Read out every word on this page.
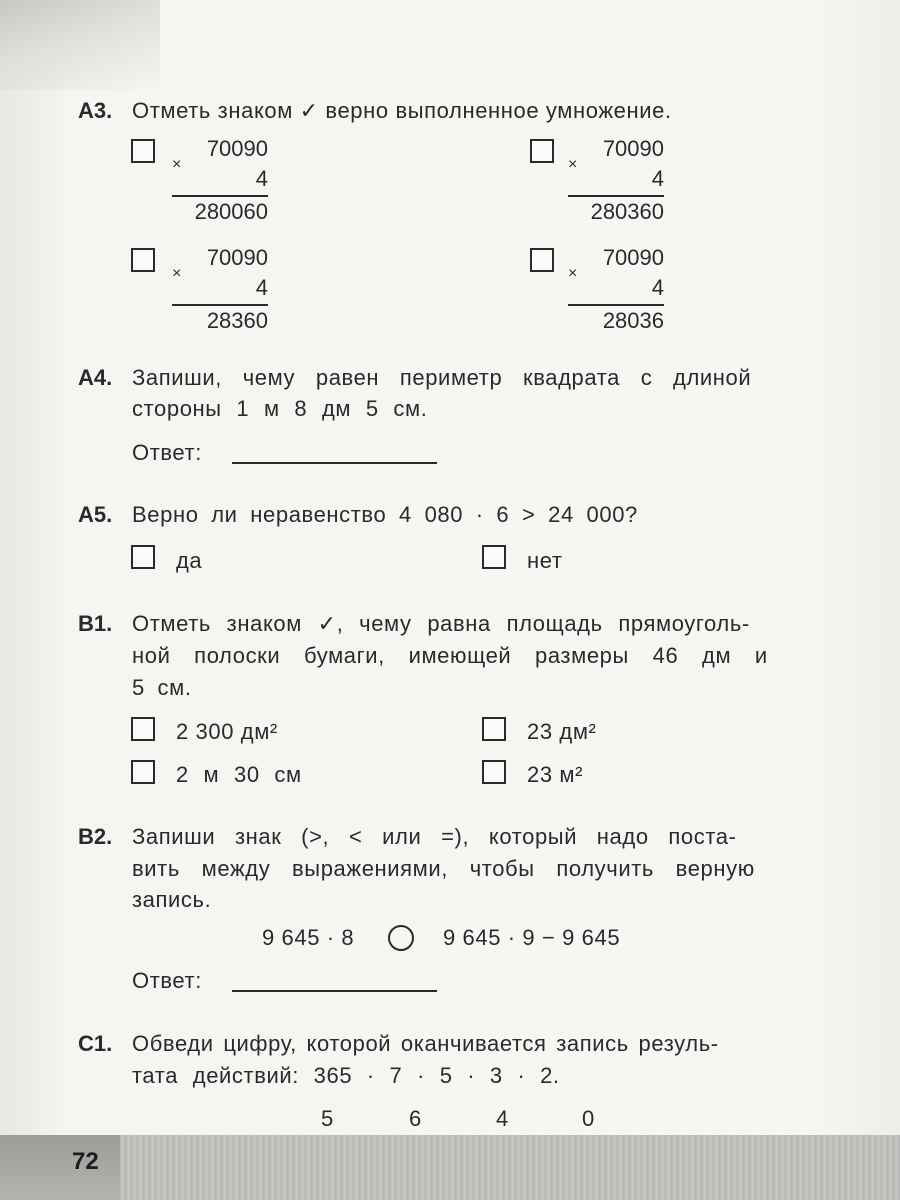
A3. Отметь знаком ✓ верно выполненное умножение.
×
70090
4
280060
×
70090
4
280360
×
70090
4
28360
×
70090
4
28036
A4. Запиши, чему равен периметр квадрата с длиной
стороны 1 м 8 дм 5 см.
Ответ:
A5. Верно ли неравенство 4 080 · 6 > 24 000?
да	нет
B1. Отметь знаком ✓, чему равна площадь прямоуголь-
ной полоски бумаги, имеющей размеры 46 дм и
5 см.
2 300 дм²	23 дм²
2 м 30 см	23 м²
B2. Запиши знак (>, < или =), который надо поста-
вить между выражениями, чтобы получить верную
запись.
9 645 · 8	9 645 · 9 − 9 645
Ответ:
C1. Обведи цифру, которой оканчивается запись резуль-
тата действий: 365 · 7 · 5 · 3 · 2.
5	6	4	0
72
